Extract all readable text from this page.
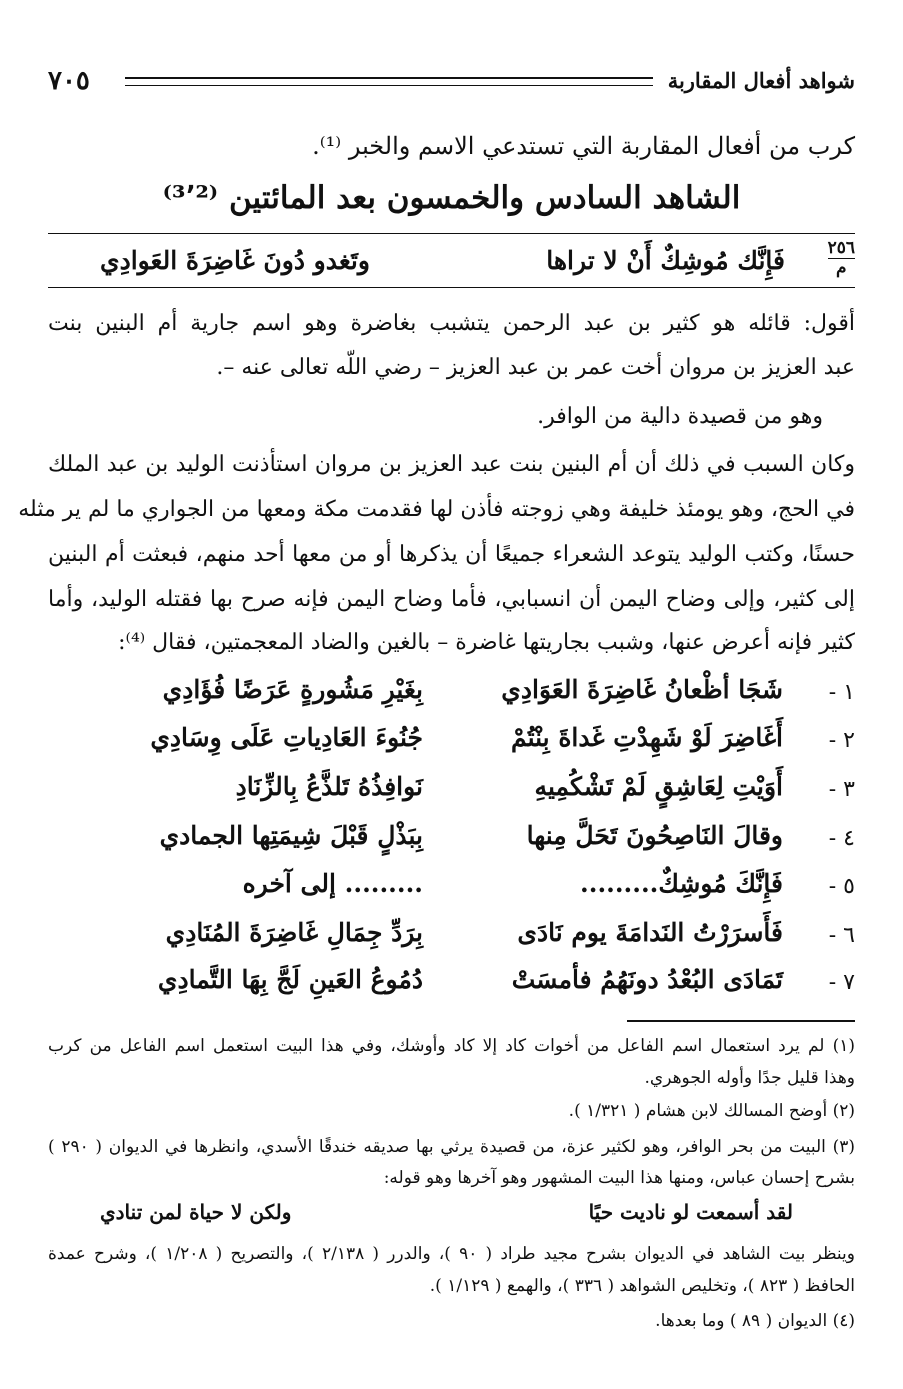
شواهد أفعال المقاربة
٧٠٥
كرب من أفعال المقاربة التي تستدعي الاسم والخبر ⁽¹⁾.
الشاهد السادس والخمسون بعد المائتين ⁽³٬²⁾
٢٥٦
م
فَإِنَّك مُوشِكٌ أَنْ لا تراها
وتَغدو دُونَ غَاضِرَةَ العَوادِي
أقول: قائله هو كثير بن عبد الرحمن يتشبب بغاضرة وهو اسم جارية أم البنين بنت
عبد العزيز بن مروان أخت عمر بن عبد العزيز – رضي اللّه تعالى عنه –.
وهو من قصيدة دالية من الوافر.
وكان السبب في ذلك أن أم البنين بنت عبد العزيز بن مروان استأذنت الوليد بن عبد الملك
في الحج، وهو يومئذ خليفة وهي زوجته فأذن لها فقدمت مكة ومعها من الجواري ما لم ير مثله
حسنًا، وكتب الوليد يتوعد الشعراء جميعًا أن يذكرها أو من معها أحد منهم، فبعثت أم البنين
إلى كثير، وإلى وضاح اليمن أن انسبابي، فأما وضاح اليمن فإنه صرح بها فقتله الوليد، وأما
كثير فإنه أعرض عنها، وشبب بجاريتها غاضرة – بالغين والضاد المعجمتين، فقال ⁽⁴⁾:
١ -
شَجَا أظْعانُ غَاضِرَةَ العَوَادِي
بِغَيْرِ مَشُورةٍ عَرَضًا فُؤَادِي
٢ -
أَغَاضِرَ لَوْ شَهِدْتِ غَداةَ بِنْتُمْ
جُنُوءَ العَادِياتِ عَلَى وِسَادِي
٣ -
أَوَيْتِ لِعَاشِقٍ لَمْ تَشْكُمِيهِ
نَوافِذُهُ تَلذَّعُ بِالزِّنَادِ
٤ -
وقالَ النَاصِحُونَ تَحَلَّ مِنها
بِبَذْلٍ قَبْلَ شِيمَتِها الجمادي
٥ -
فَإِنَّكَ مُوشِكٌ.........
......... إلى آخره
٦ -
فَأَسرَرْتُ النَدامَةَ يوم نَادَى
بِرَدِّ جِمَالِ غَاضِرَةَ المُنَادِي
٧ -
تَمَادَى البُعْدُ دونَهُمُ فأمسَتْ
دُمُوعُ العَينِ لَجَّ بِهَا التَّمادِي
(١) لم يرد استعمال اسم الفاعل من أخوات كاد إلا كاد وأوشك، وفي هذا البيت استعمل اسم الفاعل من كرب
وهذا قليل جدًا وأوله الجوهري.
(٢) أوضح المسالك لابن هشام ( ١/٣٢١ ).
(٣) البيت من بحر الوافر، وهو لكثير عزة، من قصيدة يرثي بها صديقه خندقًا الأسدي، وانظرها في الديوان ( ٢٩٠ )
بشرح إحسان عباس، ومنها هذا البيت المشهور وهو آخرها وهو قوله:
لقد أسمعت لو ناديت حيًا
ولكن لا حياة لمن تنادي
وينظر بيت الشاهد في الديوان بشرح مجيد طراد ( ٩٠ )، والدرر ( ٢/١٣٨ )، والتصريح ( ١/٢٠٨ )، وشرح عمدة
الحافظ ( ٨٢٣ )، وتخليص الشواهد ( ٣٣٦ )، والهمع ( ١/١٢٩ ).
(٤) الديوان ( ٨٩ ) وما بعدها.
